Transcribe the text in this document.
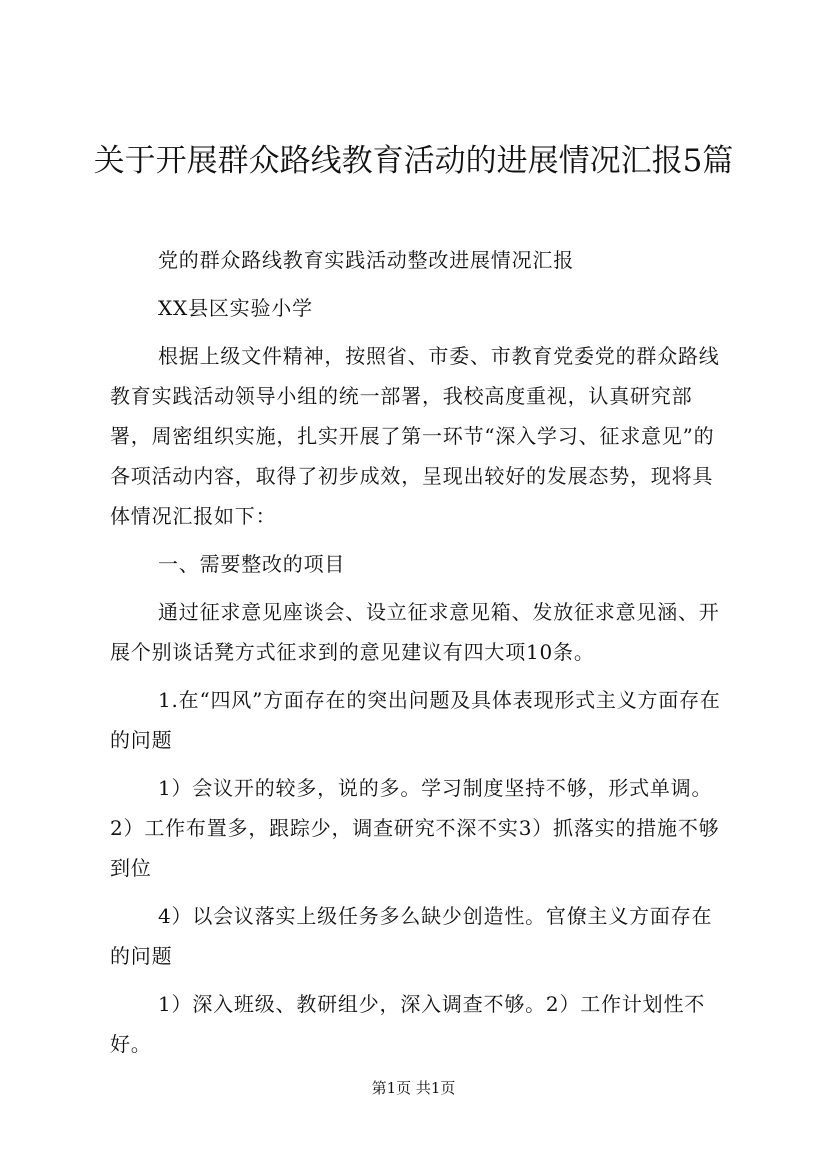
关于开展群众路线教育活动的进展情况汇报5篇

党的群众路线教育实践活动整改进展情况汇报

XX县区实验小学

根据上级文件精神，按照省、市委、市教育党委党的群众路线教育实践活动领导小组的统一部署，我校高度重视，认真研究部署，周密组织实施，扎实开展了第一环节“深入学习、征求意见”的各项活动内容，取得了初步成效，呈现出较好的发展态势，现将具体情况汇报如下：

一、需要整改的项目

通过征求意见座谈会、设立征求意见箱、发放征求意见涵、开展个别谈话凳方式征求到的意见建议有四大项10条。

1.在“四风”方面存在的突出问题及具体表现形式主义方面存在的问题

1）会议开的较多，说的多。学习制度坚持不够，形式单调。2）工作布置多，跟踪少，调查研究不深不实3）抓落实的措施不够到位

4）以会议落实上级任务多么缺少创造性。官僚主义方面存在的问题

1）深入班级、教研组少，深入调查不够。2）工作计划性不好。

第1页 共1页
